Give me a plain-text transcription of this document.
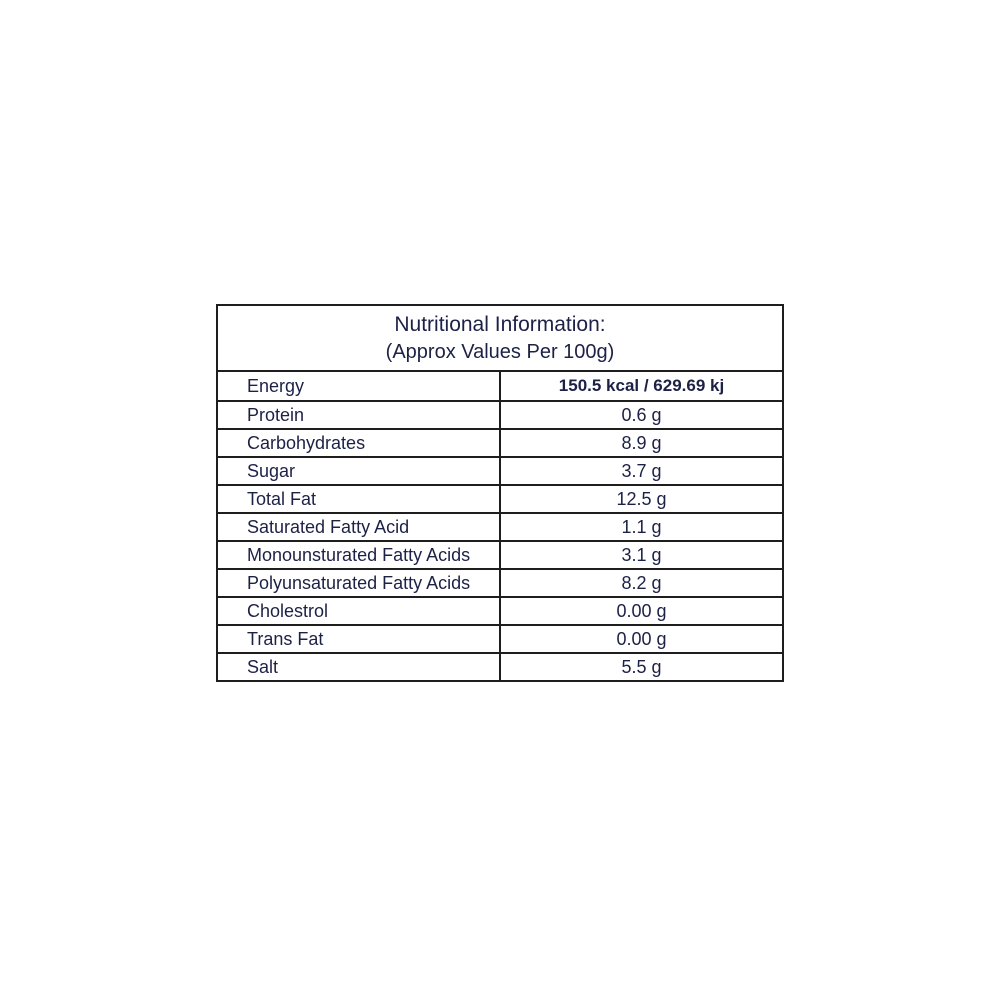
Nutritional Information:
(Approx Values Per 100g)	

Energy	150.5 kcal / 629.69 kj
Protein	0.6 g
Carbohydrates	8.9 g
Sugar	3.7 g
Total Fat	12.5 g
Saturated Fatty Acid	1.1 g
Monounsturated Fatty Acids	3.1 g
Polyunsaturated Fatty Acids	8.2 g
Cholestrol	0.00 g
Trans Fat	0.00 g
Salt	5.5 g
